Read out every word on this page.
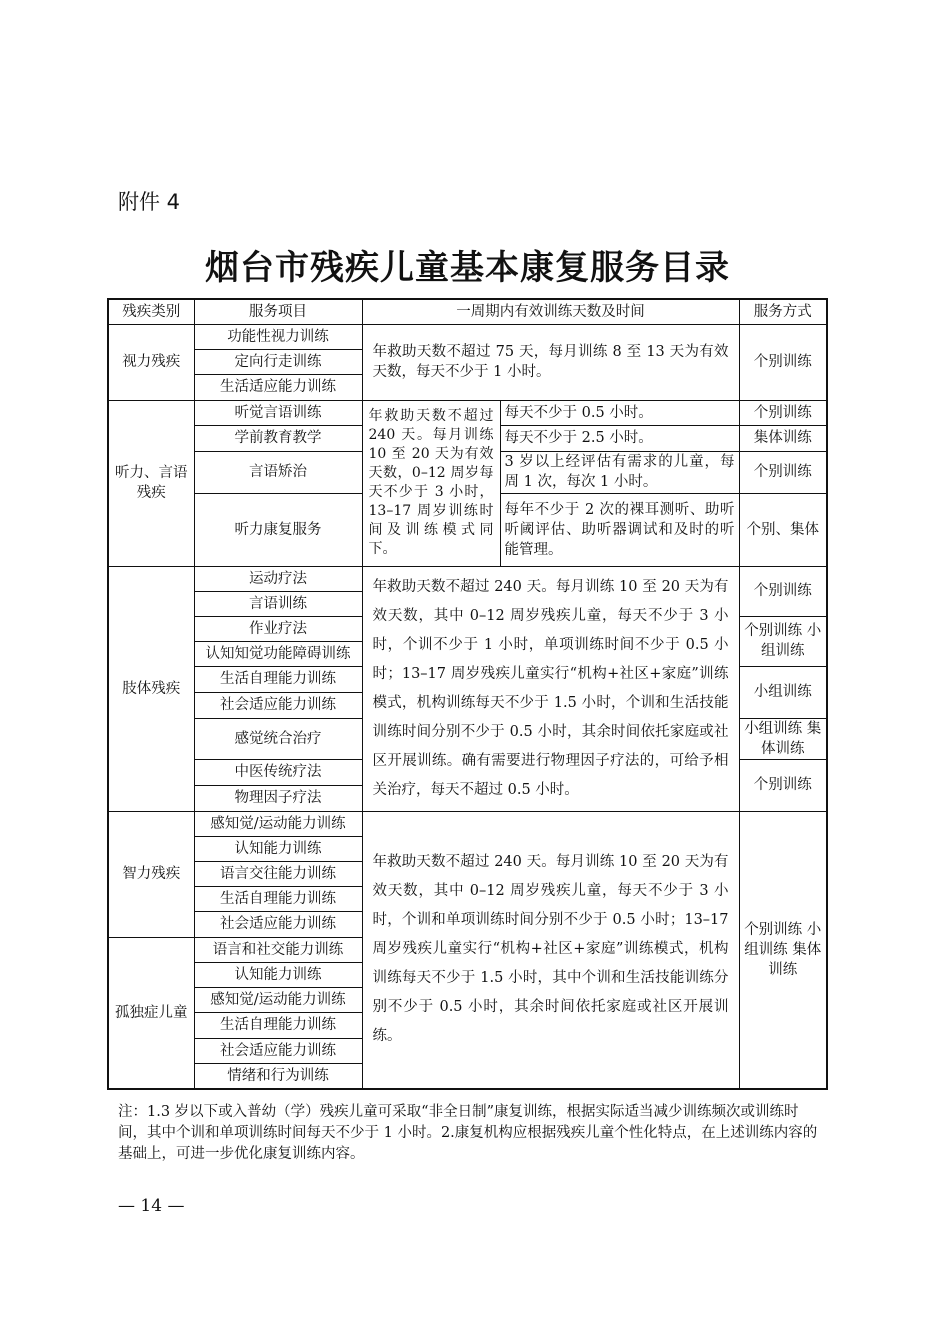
附件 4
烟台市残疾儿童基本康复服务目录
残疾类别	服务项目	一周期内有效训练天数及时间		服务方式
视力残疾	功能性视力训练	年救助天数不超过 75 天，每月训练 8 至 13 天为有效天数，每天不少于 1 小时。		个别训练
	定向行走训练			
	生活适应能力训练			
听力、言语残疾	听觉言语训练	年救助天数不超过 240 天。每月训练 10 至 20 天为有效天数，0–12 周岁每天不少于 3 小时，13–17 周岁训练时间及训练模式同下。	每天不少于 0.5 小时。	个别训练
	学前教育教学		每天不少于 2.5 小时。	集体训练
	言语矫治		3 岁以上经评估有需求的儿童，每周 1 次，每次 1 小时。	个别训练
	听力康复服务		每年不少于 2 次的裸耳测听、助听听阈评估、助听器调试和及时的听能管理。	个别、集体
肢体残疾	运动疗法	年救助天数不超过 240 天。每月训练 10 至 20 天为有效天数，其中 0–12 周岁残疾儿童，每天不少于 3 小时，个训不少于 1 小时，单项训练时间不少于 0.5 小时；13–17 周岁残疾儿童实行“机构+社区+家庭”训练模式，机构训练每天不少于 1.5 小时，个训和生活技能训练时间分别不少于 0.5 小时，其余时间依托家庭或社区开展训练。确有需要进行物理因子疗法的，可给予相关治疗，每天不超过 0.5 小时。		个别训练
	言语训练			
	作业疗法			个别训练 小组训练
	认知知觉功能障碍训练			
	生活自理能力训练			小组训练
	社会适应能力训练			
	感觉统合治疗			小组训练 集体训练
	中医传统疗法			个别训练
	物理因子疗法			
智力残疾	感知觉/运动能力训练	年救助天数不超过 240 天。每月训练 10 至 20 天为有效天数，其中 0–12 周岁残疾儿童，每天不少于 3 小时，个训和单项训练时间分别不少于 0.5 小时；13–17 周岁残疾儿童实行“机构+社区+家庭”训练模式，机构训练每天不少于 1.5 小时，其中个训和生活技能训练分别不少于 0.5 小时，其余时间依托家庭或社区开展训练。		个别训练 小组训练 集体训练
	认知能力训练			
	语言交往能力训练			
	生活自理能力训练			
	社会适应能力训练			
孤独症儿童	语言和社交能力训练			
	认知能力训练			
	感知觉/运动能力训练			
	生活自理能力训练			
	社会适应能力训练			
	情绪和行为训练			
注：1.3 岁以下或入普幼（学）残疾儿童可采取“非全日制”康复训练，根据实际适当减少训练频次或训练时间，其中个训和单项训练时间每天不少于 1 小时。2.康复机构应根据残疾儿童个性化特点，在上述训练内容的基础上，可进一步优化康复训练内容。
— 14 —
